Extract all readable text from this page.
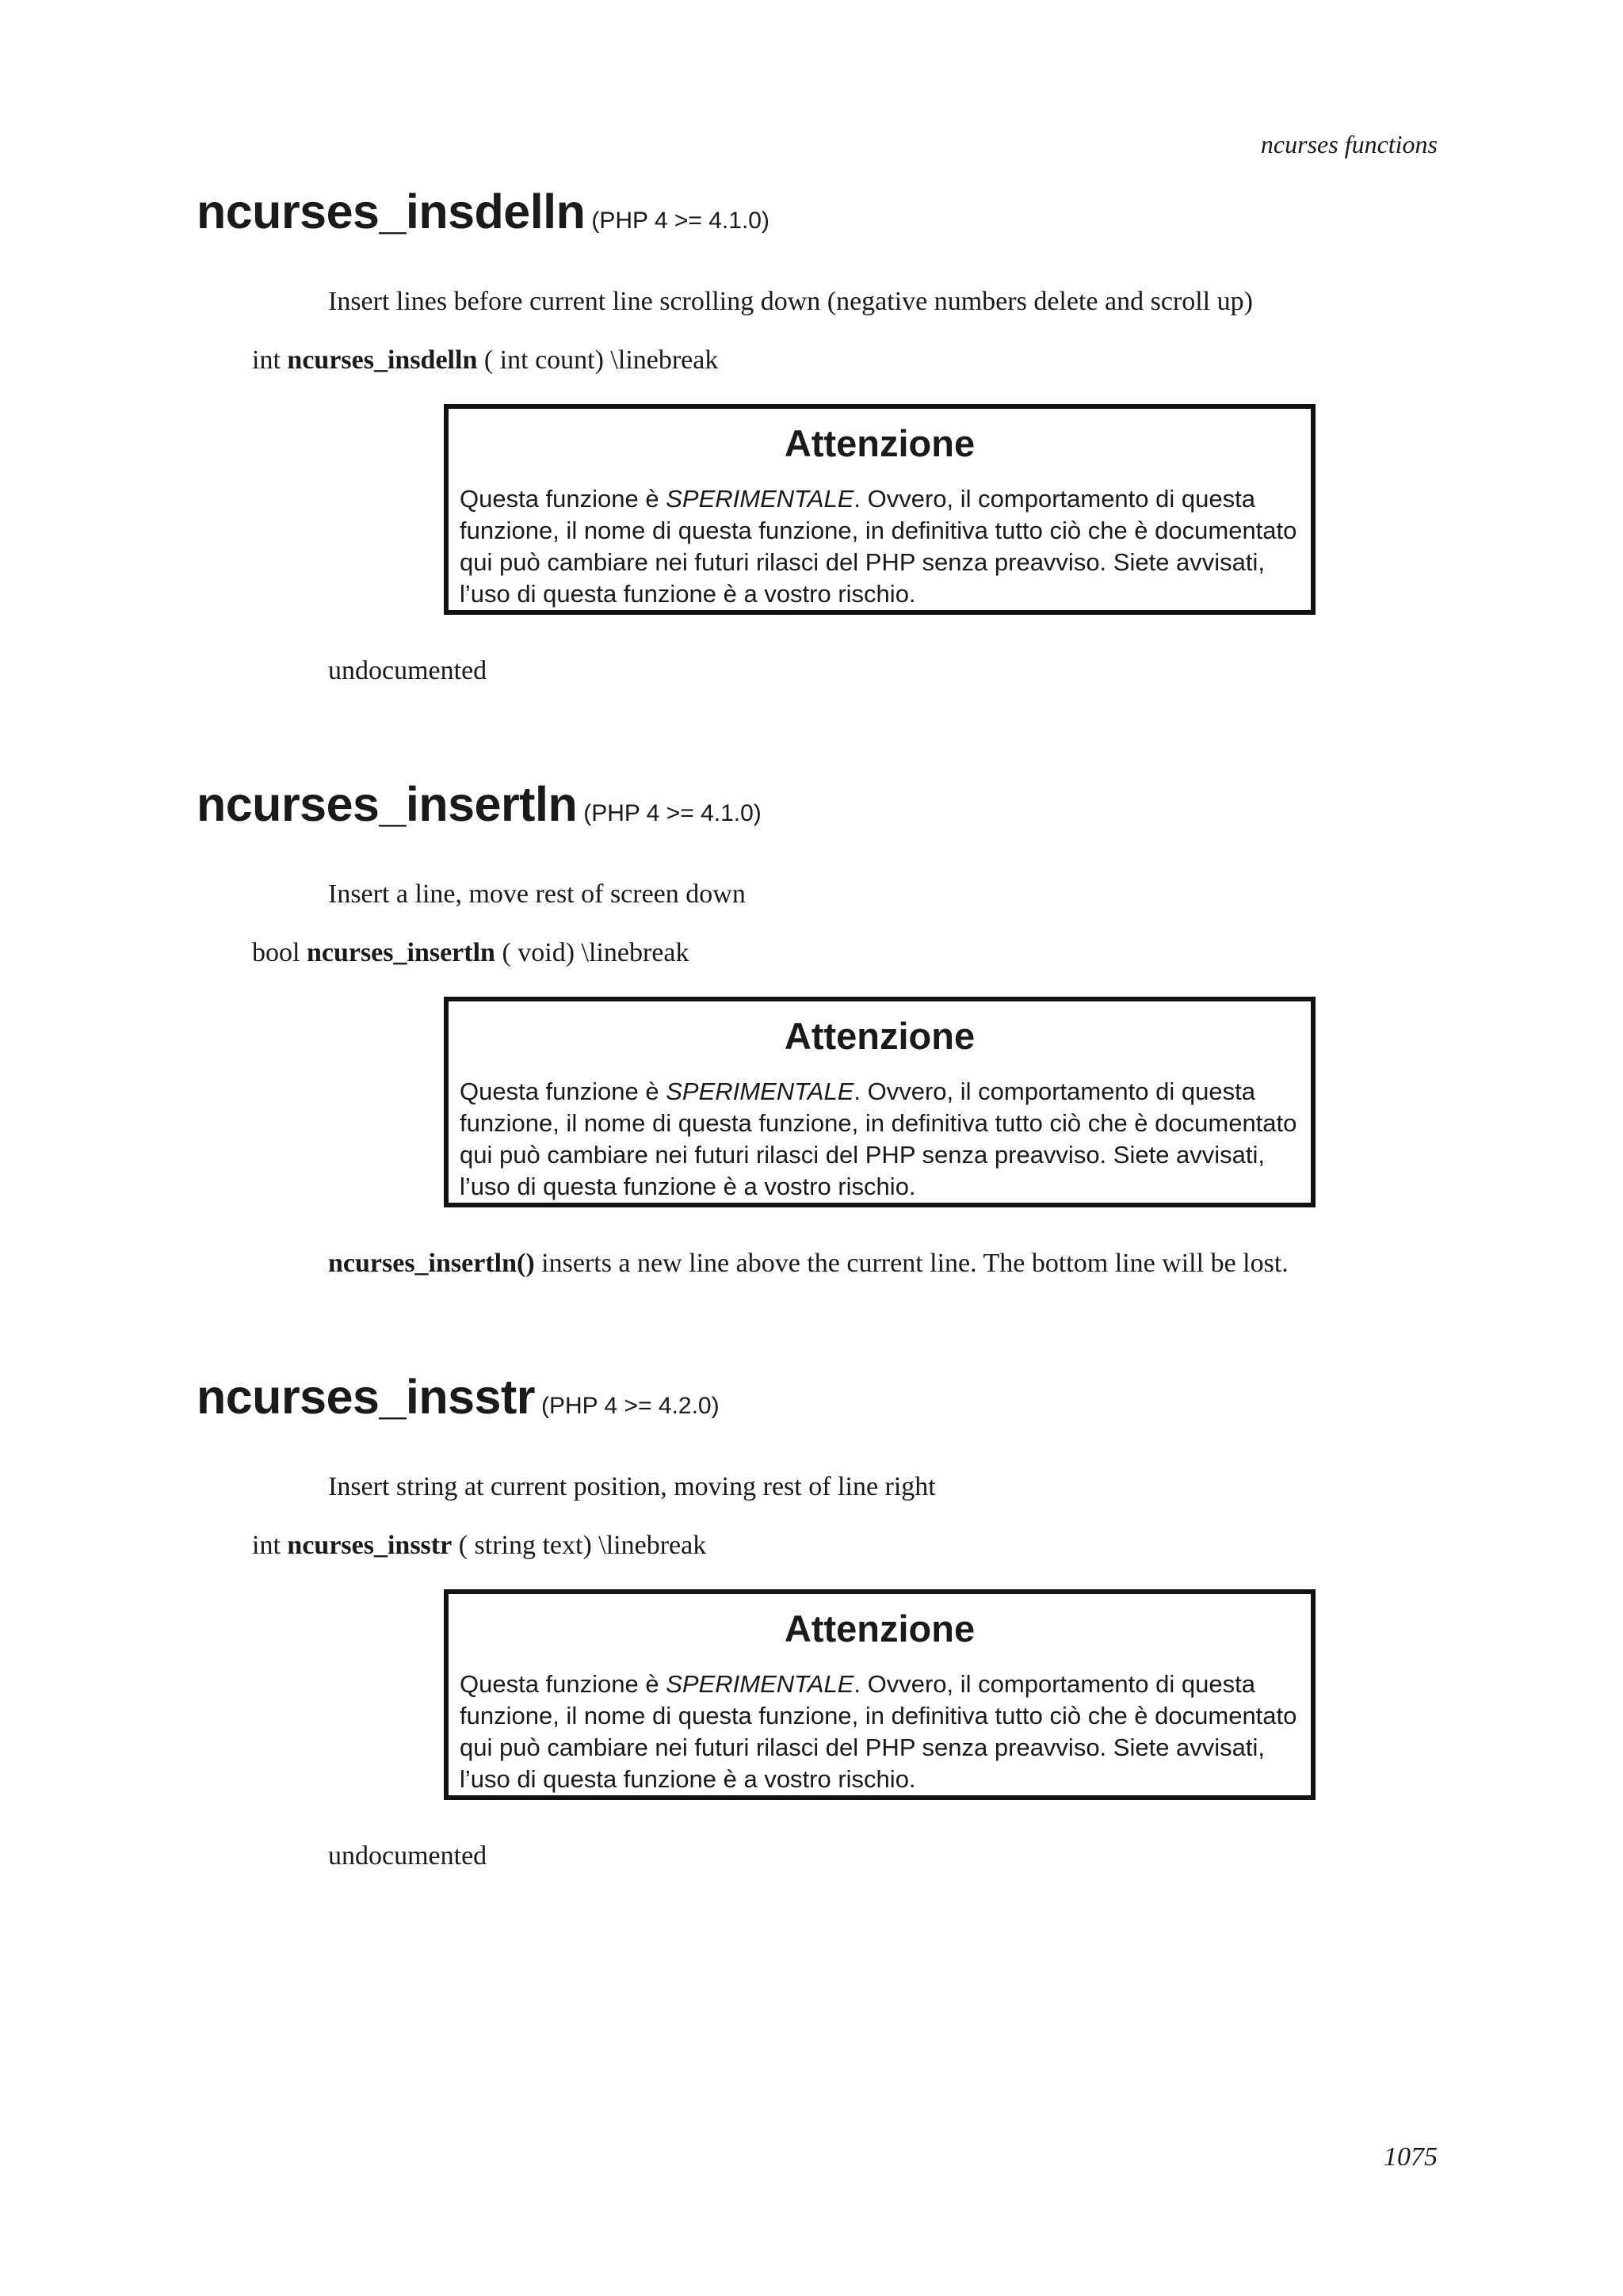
ncurses functions
ncurses_insdelln (PHP 4 >= 4.1.0)
Insert lines before current line scrolling down (negative numbers delete and scroll up)
int ncurses_insdelln ( int count) \linebreak
Attenzione
Questa funzione è SPERIMENTALE. Ovvero, il comportamento di questa
funzione, il nome di questa funzione, in definitiva tutto ciò che è documentato
qui può cambiare nei futuri rilasci del PHP senza preavviso. Siete avvisati,
l’uso di questa funzione è a vostro rischio.
undocumented
ncurses_insertln (PHP 4 >= 4.1.0)
Insert a line, move rest of screen down
bool ncurses_insertln ( void) \linebreak
Attenzione
Questa funzione è SPERIMENTALE. Ovvero, il comportamento di questa
funzione, il nome di questa funzione, in definitiva tutto ciò che è documentato
qui può cambiare nei futuri rilasci del PHP senza preavviso. Siete avvisati,
l’uso di questa funzione è a vostro rischio.
ncurses_insertln() inserts a new line above the current line. The bottom line will be lost.
ncurses_insstr (PHP 4 >= 4.2.0)
Insert string at current position, moving rest of line right
int ncurses_insstr ( string text) \linebreak
Attenzione
Questa funzione è SPERIMENTALE. Ovvero, il comportamento di questa
funzione, il nome di questa funzione, in definitiva tutto ciò che è documentato
qui può cambiare nei futuri rilasci del PHP senza preavviso. Siete avvisati,
l’uso di questa funzione è a vostro rischio.
undocumented
1075
